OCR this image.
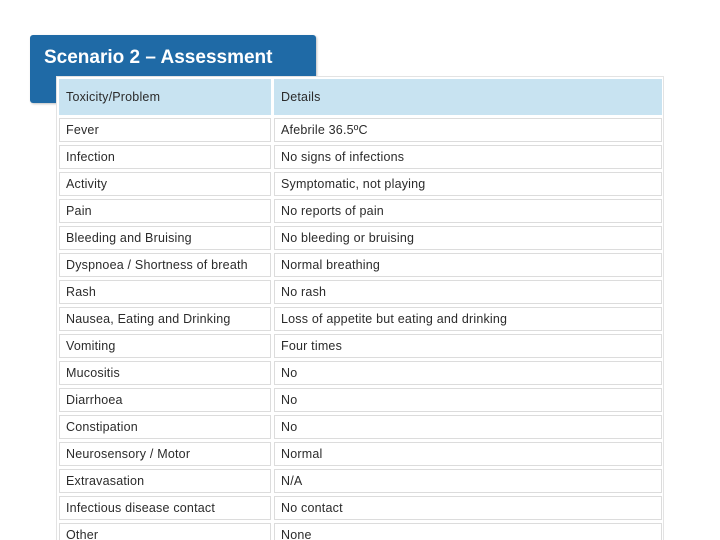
Scenario 2 – Assessment
Toxicity/Problem	Details
Fever	Afebrile 36.5ºC
Infection	No signs of infections
Activity	Symptomatic, not playing
Pain	No reports of pain
Bleeding and Bruising	No bleeding or bruising
Dyspnoea / Shortness of breath	Normal breathing
Rash	No rash
Nausea, Eating and Drinking	Loss of appetite but eating and drinking
Vomiting	Four times
Mucositis	No
Diarrhoea	No
Constipation	No
Neurosensory / Motor	Normal
Extravasation	N/A
Infectious disease contact	No contact
Other	None
